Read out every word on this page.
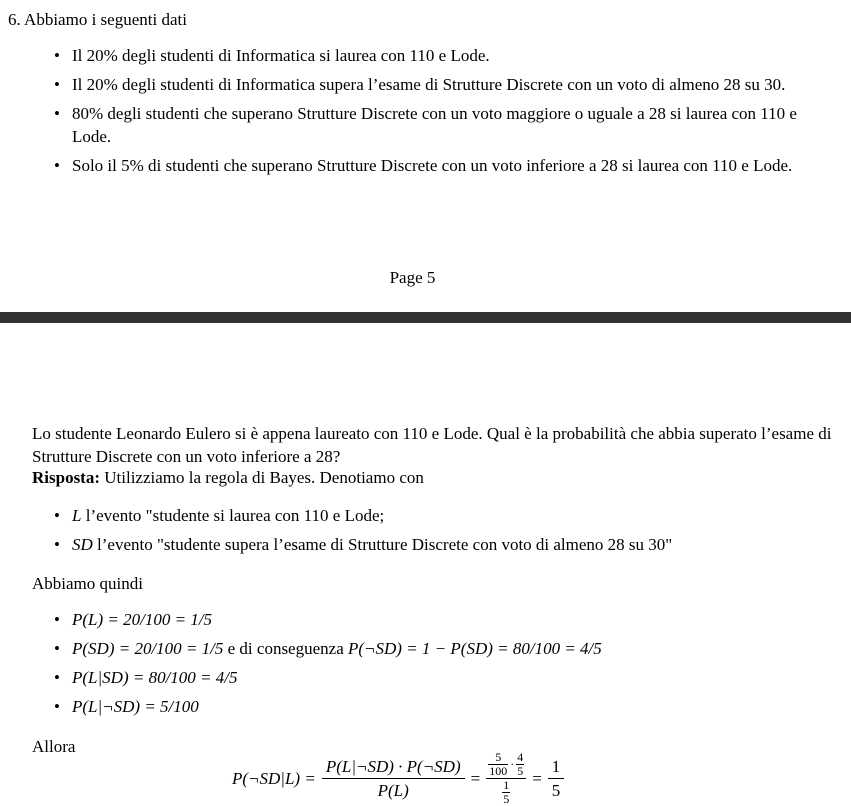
6. Abbiamo i seguenti dati
• Il 20% degli studenti di Informatica si laurea con 110 e Lode.
• Il 20% degli studenti di Informatica supera l’esame di Strutture Discrete con un voto di almeno 28 su 30.
• 80% degli studenti che superano Strutture Discrete con un voto maggiore o uguale a 28 si laurea con 110 e Lode.
• Solo il 5% di studenti che superano Strutture Discrete con un voto inferiore a 28 si laurea con 110 e Lode.
Page 5
Lo studente Leonardo Eulero si è appena laureato con 110 e Lode. Qual è la probabilità che abbia superato l’esame di Strutture Discrete con un voto inferiore a 28?
Risposta: Utilizziamo la regola di Bayes. Denotiamo con
• L l’evento "studente si laurea con 110 e Lode;
• SD l’evento "studente supera l’esame di Strutture Discrete con voto di almeno 28 su 30"
Abbiamo quindi
• P(L) = 20/100 = 1/5
• P(SD) = 20/100 = 1/5 e di conseguenza P(¬SD) = 1 − P(SD) = 80/100 = 4/5
• P(L|SD) = 80/100 = 4/5
• P(L|¬SD) = 5/100
Allora
P(¬SD|L) = $\frac{P(L|\neg SD) \cdot P(\neg SD)}{P(L)} = \frac{\frac{5}{100} \cdot \frac{4}{5}}{\frac{1}{5}} = \frac{1}{5}$
